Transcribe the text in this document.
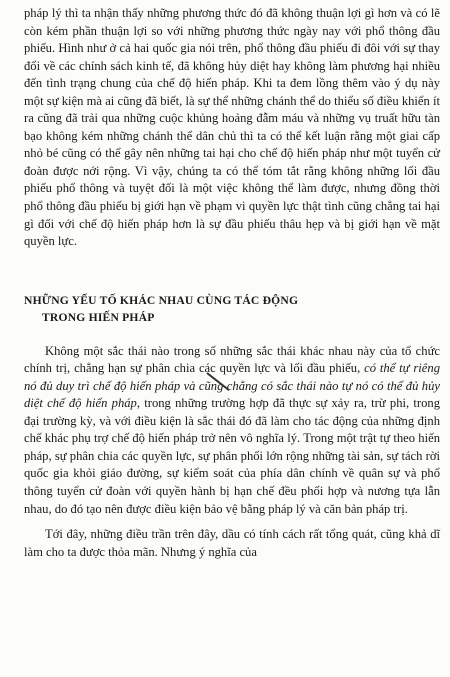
pháp lý thì ta nhận thấy những phương thức đó đã không thuận lợi gì hơn và có lẽ còn kém phần thuận lợi so với những phương thức ngày nay với phổ thông đầu phiếu. Hình như ở cả hai quốc gia nói trên, phổ thông đầu phiếu đi đôi với sự thay đổi về các chính sách kinh tế, đã không hủy diệt hay không làm phương hại nhiều đến tình trạng chung của chế độ hiến pháp. Khi ta đem lồng thêm vào ý dụ này một sự kiện mà ai cũng đã biết, là sự thể những chánh thể do thiểu số điều khiển ít ra cũng đã trải qua những cuộc khủng hoảng đẫm máu và những vụ truất hữu tàn bạo không kém những chánh thể dân chủ thì ta có thể kết luận rằng một giai cấp nhỏ bé cũng có thể gây nên những tai hại cho chế độ hiến pháp như một tuyển cử đoàn được nới rộng. Vì vậy, chúng ta có thể tóm tắt rằng không những lối đầu phiếu phổ thông và tuyệt đối là một việc không thể làm được, nhưng đồng thời phổ thông đầu phiếu bị giới hạn về phạm vi quyền lực thật tình cũng chẳng tai hại gì đối với chế độ hiến pháp hơn là sự đầu phiếu thâu hẹp và bị giới hạn về mặt quyền lực.

NHỮNG YẾU TỐ KHÁC NHAU CÙNG TÁC ĐỘNG
TRONG HIẾN PHÁP

Không một sắc thái nào trong số những sắc thái khác nhau này của tổ chức chính trị, chẳng hạn sự phân chia các quyền lực và lối đầu phiếu, có thể tự riêng nó đủ duy trì chế độ hiến pháp và cũng chẳng có sắc thái nào tự nó có thể đủ hủy diệt chế độ hiến pháp, trong những trường hợp đã thực sự xảy ra, trừ phi, trong đại trường kỳ, và với điều kiện là sắc thái đó đã làm cho tác động của những định chế khác phụ trợ chế độ hiến pháp trở nên vô nghĩa lý. Trong một trật tự theo hiến pháp, sự phân chia các quyền lực, sự phân phối lớn rộng những tài sản, sự tách rời quốc gia khỏi giáo đường, sự kiểm soát của phía dân chính về quân sự và phổ thông tuyển cử đoàn với quyền hành bị hạn chế đều phối hợp và nương tựa lẫn nhau, do đó tạo nên được điều kiện bảo vệ bằng pháp lý và căn bản pháp trị.

Tới đây, những điều trần trên đây, dầu có tính cách rất tổng quát, cũng khả dĩ làm cho ta được thỏa mãn. Nhưng ý nghĩa của
